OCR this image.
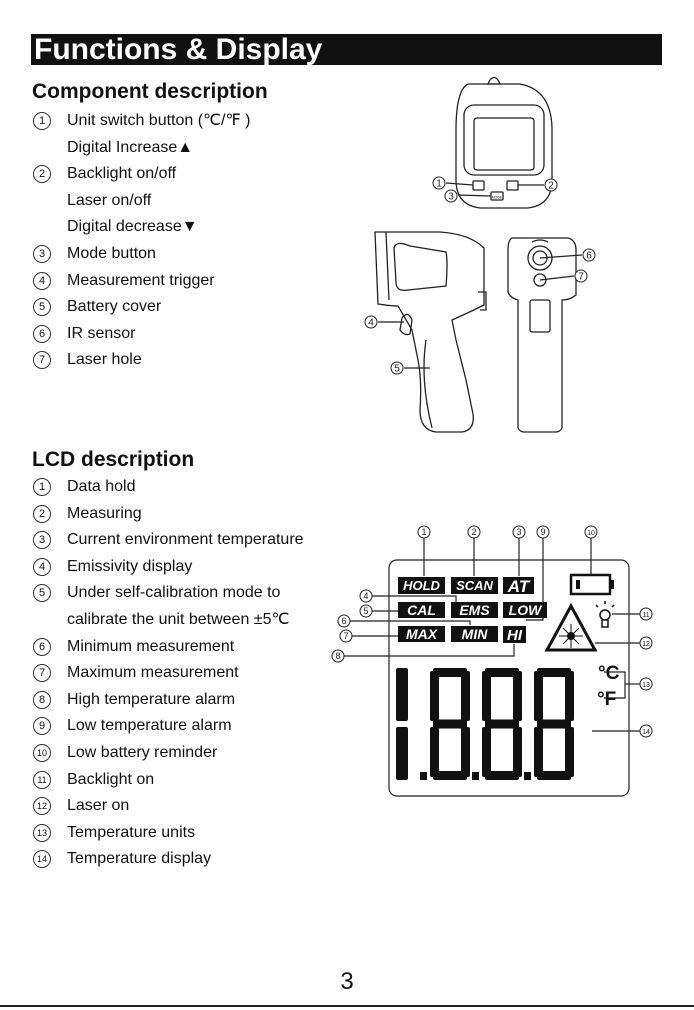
Functions & Display
Component description
1	Unit switch button (℃/℉ )
Digital Increase▲
2	Backlight on/off
Laser on/off
Digital decrease▼
3	Mode button
4	Measurement trigger
5	Battery cover
6	IR sensor
7	Laser hole
LCD description
1	Data hold
2	Measuring
3	Current environment temperature
4	Emissivity display
5	Under self-calibration mode to
calibrate the unit between ±5℃
6	Minimum measurement
7	Maximum measurement
8	High temperature alarm
9	Low temperature alarm
10 Low battery reminder
11 Backlight on
12 Laser on
13 Temperature units
14 Temperature display
1	2
3
4
5
6
7
MODE
HOLD SCAN AT
CAL EMS LOW
MAX MIN HI
°C
°F
1	2	3 9	10
4
5
6
7
8
11
12
13
14
3
